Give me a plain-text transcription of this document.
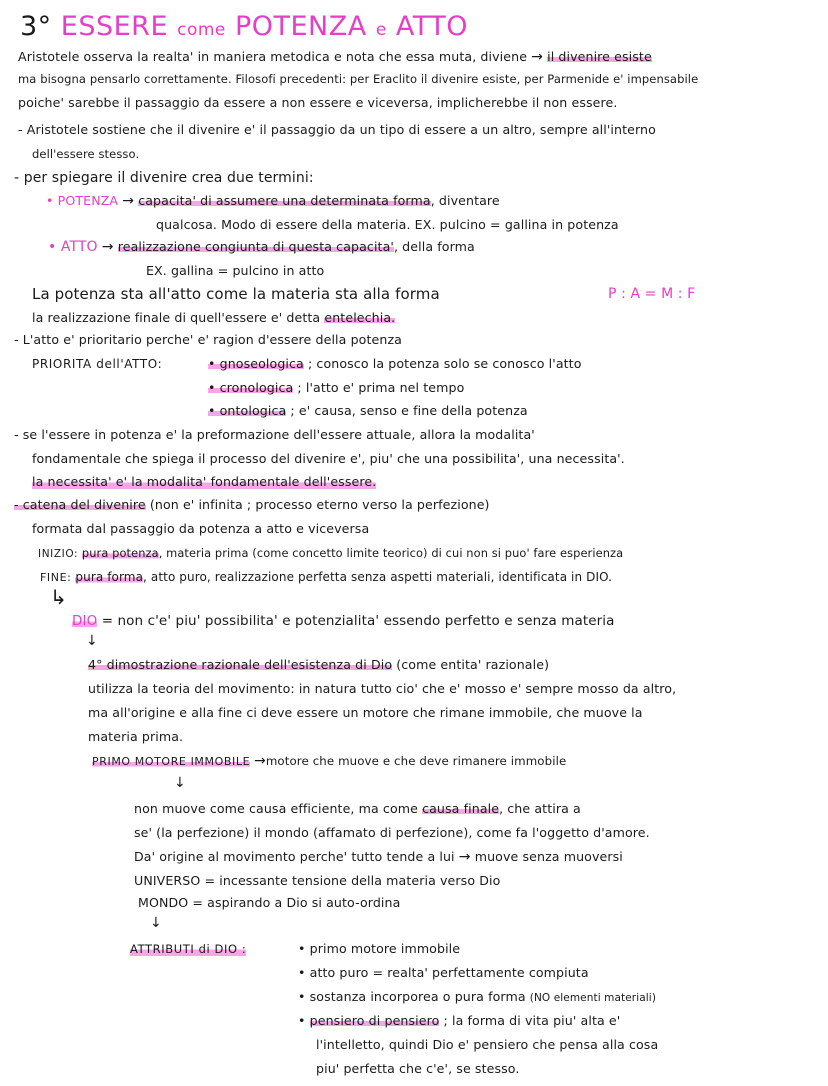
3° ESSERE come POTENZA e ATTO
Aristotele osserva la realta' in maniera metodica e nota che essa muta, diviene → il divenire esiste
ma bisogna pensarlo correttamente. Filosofi precedenti: per Eraclito il divenire esiste, per Parmenide e' impensabile
poiche' sarebbe il passaggio da essere a non essere e viceversa, implicherebbe il non essere.
- Aristotele sostiene che il divenire e' il passaggio da un tipo di essere a un altro, sempre all'interno
dell'essere stesso.
- per spiegare il divenire crea due termini:
• POTENZA → capacita' di assumere una determinata forma, diventare
qualcosa. Modo di essere della materia. EX. pulcino = gallina in potenza
• ATTO → realizzazione congiunta di questa capacita', della forma
EX. gallina = pulcino in atto
La potenza sta all'atto come la materia sta alla forma	P : A = M : F
la realizzazione finale di quell'essere e' detta entelechia.
- L'atto e' prioritario perche' e' ragion d'essere della potenza
PRIORITA dell'ATTO:	• gnoseologica ; conosco la potenza solo se conosco l'atto
• cronologica ; l'atto e' prima nel tempo
• ontologica ; e' causa, senso e fine della potenza
- se l'essere in potenza e' la preformazione dell'essere attuale, allora la modalita'
fondamentale che spiega il processo del divenire e', piu' che una possibilita', una necessita'.
la necessita' e' la modalita' fondamentale dell'essere.
- catena del divenire (non e' infinita ; processo eterno verso la perfezione)
formata dal passaggio da potenza a atto e viceversa
INIZIO: pura potenza, materia prima (come concetto limite teorico) di cui non si puo' fare esperienza
FINE: pura forma, atto puro, realizzazione perfetta senza aspetti materiali, identificata in DIO.
↳
DIO = non c'e' piu' possibilita' e potenzialita' essendo perfetto e senza materia
↓
4° dimostrazione razionale dell'esistenza di Dio (come entita' razionale)
utilizza la teoria del movimento: in natura tutto cio' che e' mosso e' sempre mosso da altro,
ma all'origine e alla fine ci deve essere un motore che rimane immobile, che muove la
materia prima.
PRIMO MOTORE IMMOBILE →motore che muove e che deve rimanere immobile
↓
non muove come causa efficiente, ma come causa finale, che attira a
se' (la perfezione) il mondo (affamato di perfezione), come fa l'oggetto d'amore.
Da' origine al movimento perche' tutto tende a lui → muove senza muoversi
UNIVERSO = incessante tensione della materia verso Dio
MONDO = aspirando a Dio si auto-ordina
↓
ATTRIBUTI di DIO :	• primo motore immobile
• atto puro = realta' perfettamente compiuta
• sostanza incorporea o pura forma (NO elementi materiali)
• pensiero di pensiero ; la forma di vita piu' alta e'
l'intelletto, quindi Dio e' pensiero che pensa alla cosa
piu' perfetta che c'e', se stesso.
